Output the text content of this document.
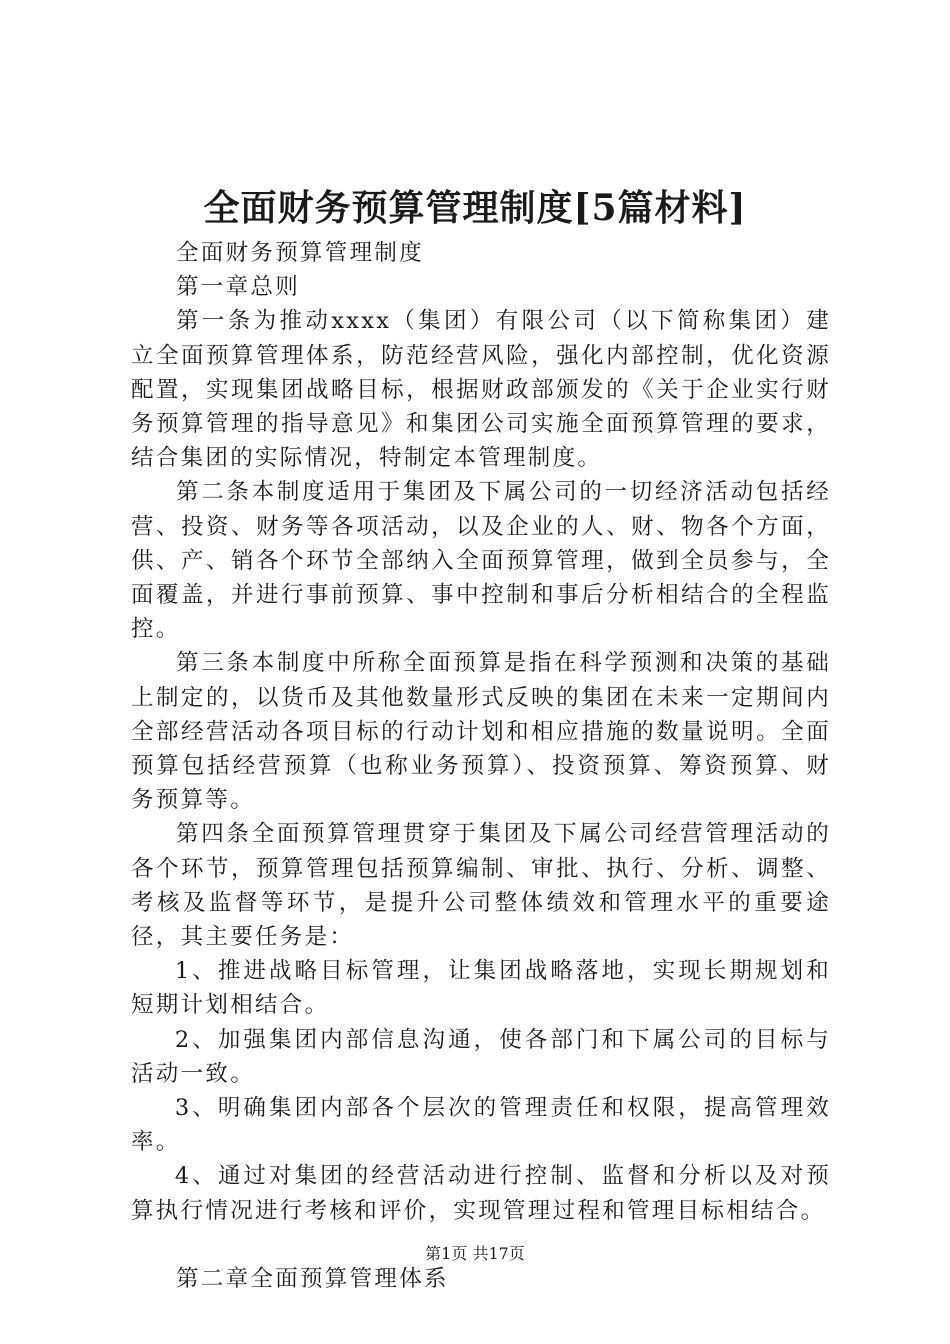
全面财务预算管理制度[5篇材料]

全面财务预算管理制度

第一章总则

第一条为推动xxxx（集团）有限公司（以下简称集团）建立全面预算管理体系，防范经营风险，强化内部控制，优化资源配置，实现集团战略目标，根据财政部颁发的《关于企业实行财务预算管理的指导意见》和集团公司实施全面预算管理的要求，结合集团的实际情况，特制定本管理制度。

第二条本制度适用于集团及下属公司的一切经济活动包括经营、投资、财务等各项活动，以及企业的人、财、物各个方面，供、产、销各个环节全部纳入全面预算管理，做到全员参与，全面覆盖，并进行事前预算、事中控制和事后分析相结合的全程监控。

第三条本制度中所称全面预算是指在科学预测和决策的基础上制定的，以货币及其他数量形式反映的集团在未来一定期间内全部经营活动各项目标的行动计划和相应措施的数量说明。全面预算包括经营预算（也称业务预算）、投资预算、筹资预算、财务预算等。

第四条全面预算管理贯穿于集团及下属公司经营管理活动的各个环节，预算管理包括预算编制、审批、执行、分析、调整、考核及监督等环节，是提升公司整体绩效和管理水平的重要途径，其主要任务是：

1、推进战略目标管理，让集团战略落地，实现长期规划和短期计划相结合。

2、加强集团内部信息沟通，使各部门和下属公司的目标与活动一致。

3、明确集团内部各个层次的管理责任和权限，提高管理效率。

4、通过对集团的经营活动进行控制、监督和分析以及对预算执行情况进行考核和评价，实现管理过程和管理目标相结合。

第二章全面预算管理体系

第1页 共17页
